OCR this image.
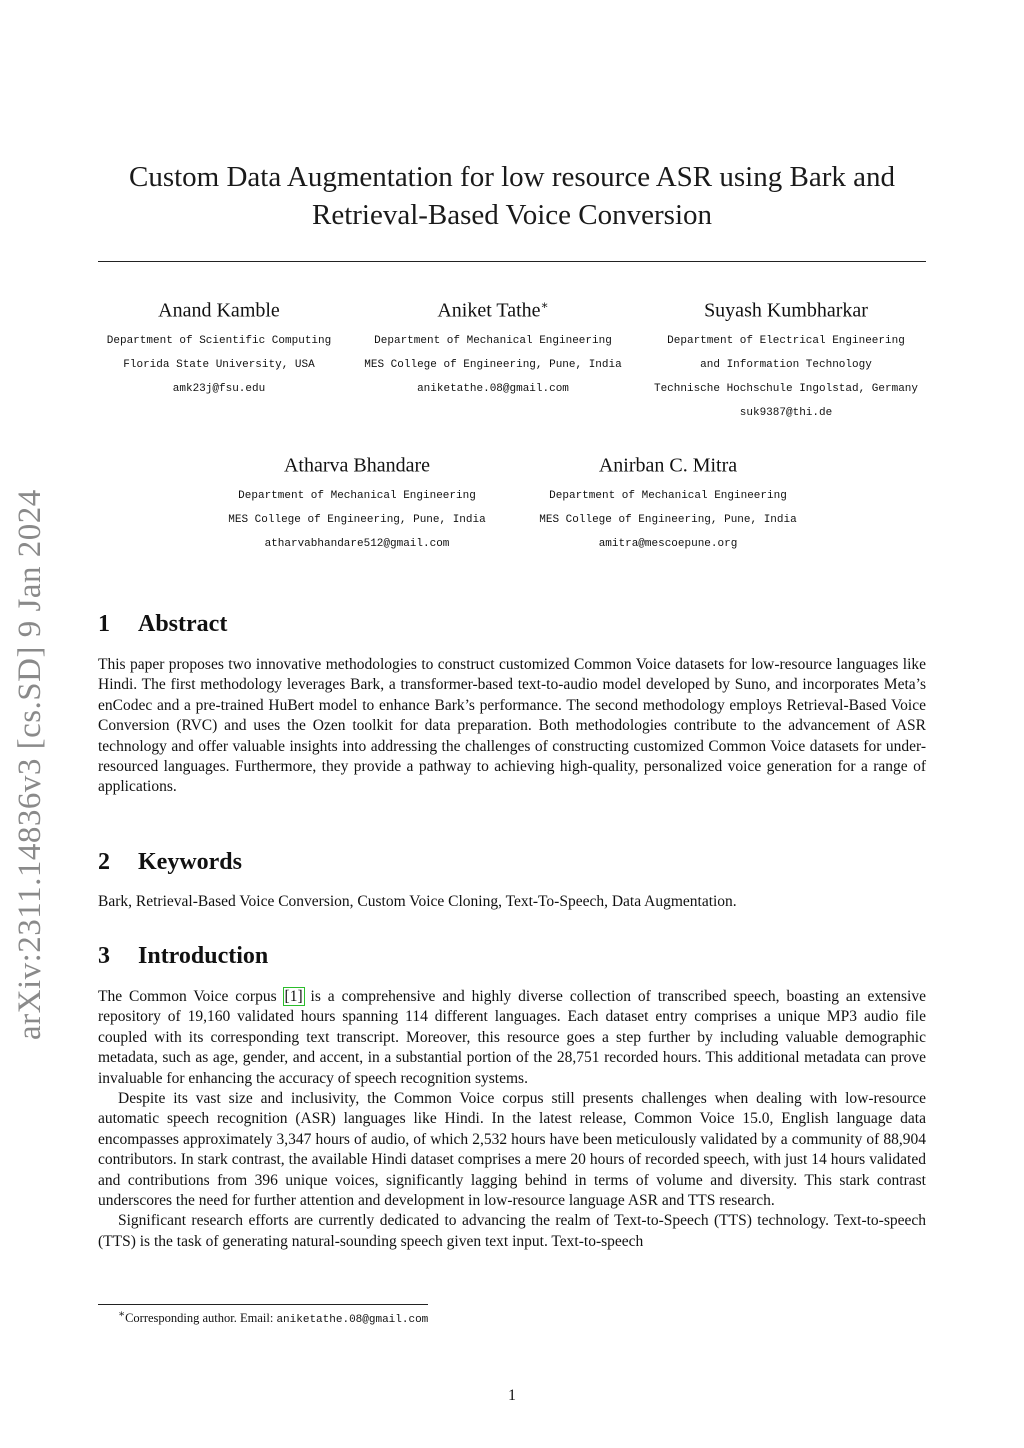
arXiv:2311.14836v3 [cs.SD] 9 Jan 2024
Custom Data Augmentation for low resource ASR using Bark and
Retrieval-Based Voice Conversion
Anand Kamble
Department of Scientific Computing
Florida State University, USA
amk23j@fsu.edu
Aniket Tathe∗
Department of Mechanical Engineering
MES College of Engineering, Pune, India
aniketathe.08@gmail.com
Suyash Kumbharkar
Department of Electrical Engineering
and Information Technology
Technische Hochschule Ingolstad, Germany
suk9387@thi.de
Atharva Bhandare
Department of Mechanical Engineering
MES College of Engineering, Pune, India
atharvabhandare512@gmail.com
Anirban C. Mitra
Department of Mechanical Engineering
MES College of Engineering, Pune, India
amitra@mescoepune.org
1 Abstract

This paper proposes two innovative methodologies to construct customized Common Voice datasets for low-resource languages like Hindi. The first methodology leverages Bark, a transformer-based text-to-audio model developed by Suno, and incorporates Meta’s enCodec and a pre-trained HuBert model to enhance Bark’s performance. The second methodology employs Retrieval-Based Voice Conversion (RVC) and uses the Ozen toolkit for data preparation. Both methodologies contribute to the advancement of ASR technology and offer valuable insights into addressing the challenges of constructing customized Common Voice datasets for under-resourced languages. Furthermore, they provide a pathway to achieving high-quality, personalized voice generation for a range of applications.

2 Keywords

Bark, Retrieval-Based Voice Conversion, Custom Voice Cloning, Text-To-Speech, Data Augmentation.

3 Introduction

The Common Voice corpus [1] is a comprehensive and highly diverse collection of transcribed speech, boasting an extensive repository of 19,160 validated hours spanning 114 different languages. Each dataset entry comprises a unique MP3 audio file coupled with its corresponding text transcript. Moreover, this resource goes a step further by including valuable demographic metadata, such as age, gender, and accent, in a substantial portion of the 28,751 recorded hours. This additional metadata can prove invaluable for enhancing the accuracy of speech recognition systems.

Despite its vast size and inclusivity, the Common Voice corpus still presents challenges when dealing with low-resource automatic speech recognition (ASR) languages like Hindi. In the latest release, Common Voice 15.0, English language data encompasses approximately 3,347 hours of audio, of which 2,532 hours have been meticulously validated by a community of 88,904 contributors. In stark contrast, the available Hindi dataset comprises a mere 20 hours of recorded speech, with just 14 hours validated and contributions from 396 unique voices, significantly lagging behind in terms of volume and diversity. This stark contrast underscores the need for further attention and development in low-resource language ASR and TTS research.

Significant research efforts are currently dedicated to advancing the realm of Text-to-Speech (TTS) technology. Text-to-speech (TTS) is the task of generating natural-sounding speech given text input. Text-to-speech

∗Corresponding author. Email: aniketathe.08@gmail.com
1
